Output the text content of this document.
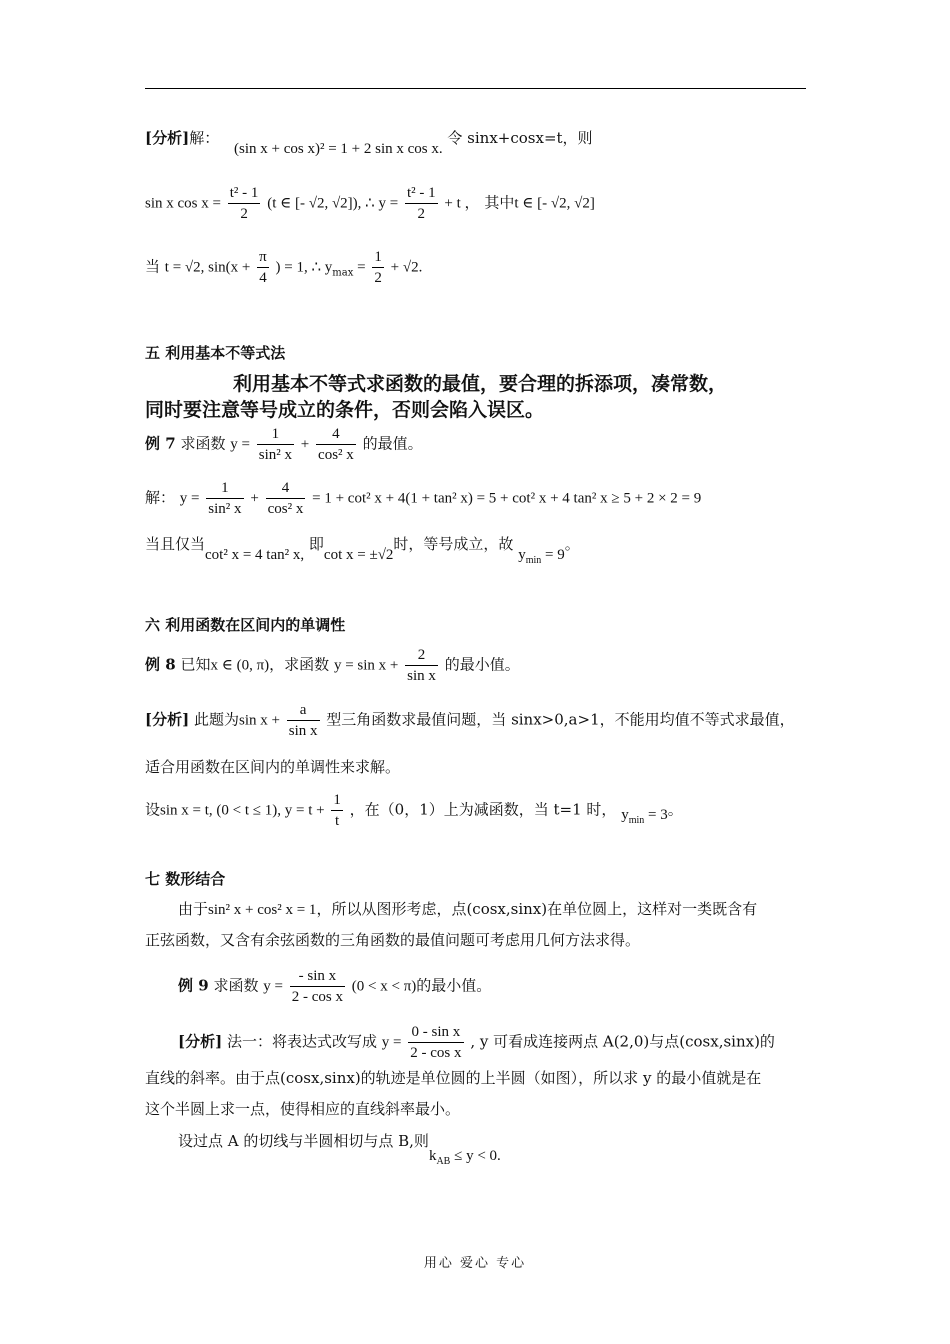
[分析]解： (sin x + cos x)² = 1 + 2 sin x cos x. 令 sinx+cosx=t，则
sin x $\cos x = \frac{\text{t² - 1}}{2} (t$ ∈ [- √2, √2]), ∴ $y = \frac{\text{t² - 1}}{2} + t$ ， 其中t ∈ [- √2, √2]
当 t = √2, $\sin(x + \frac{\pi}{4}$ ) = 1, ∴ $y_{max} = \frac{1}{2} + √2$.
五 利用基本不等式法
利用基本不等式求函数的最值，要合理的拆添项，凑常数，
同时要注意等号成立的条件，否则会陷入误区。
例 7 求函数 $y = \frac{1}{\text{sin² x}} + \frac{4}{\text{cos² x}}$ 的最值。
解： $y = \frac{1}{\text{sin² x}} + \frac{4}{\text{cos² x}} = 1 + \cot^2$ x + 4(1 + tan² x) = 5 + cot² x + 4 tan² x ≥ 5 + 2 × 2 = 9
当且仅当cot² x = 4 tan² x, 即cot x = ±√2时，等号成立，故 $y_{min} = 9$。
六 利用函数在区间内的单调性
例 8 已知x ∈ (0, π)，求函数 $y = \sin x + \frac{2}{\text{sin x}}$ 的最小值。
[分析] 此题为$\sin x + \frac{a}{\text{sin x}}$ 型三角函数求最值问题，当 sinx>0,a>1，不能用均值不等式求最值，
适合用函数在区间内的单调性来求解。
设sin x = t, (0 < t ≤ 1), $y = t + \frac{1}{t}$ ，在（0，1）上为减函数，当 t=1 时， $y_{min} = 3$。
七 数形结合
由于sin² x + cos² x = 1，所以从图形考虑，点(cosx,sinx)在单位圆上，这样对一类既含有
正弦函数，又含有余弦函数的三角函数的最值问题可考虑用几何方法求得。
例 9 求函数 $y = \frac{\text{- sin x}}{\text{2 - cos x}} (0 < x < \pi)$的最小值。
[分析] 法一：将表达式改写成 $y = \frac{\text{0 - sin x}}{\text{2 - cos x}}$ , y 可看成连接两点 A(2,0)与点(cosx,sinx)的
直线的斜率。由于点(cosx,sinx)的轨迹是单位圆的上半圆（如图），所以求 y 的最小值就是在
这个半圆上求一点，使得相应的直线斜率最小。
设过点 A 的切线与半圆相切与点 B,则$k_{AB} \le y < 0$.
用心 爱心 专心
